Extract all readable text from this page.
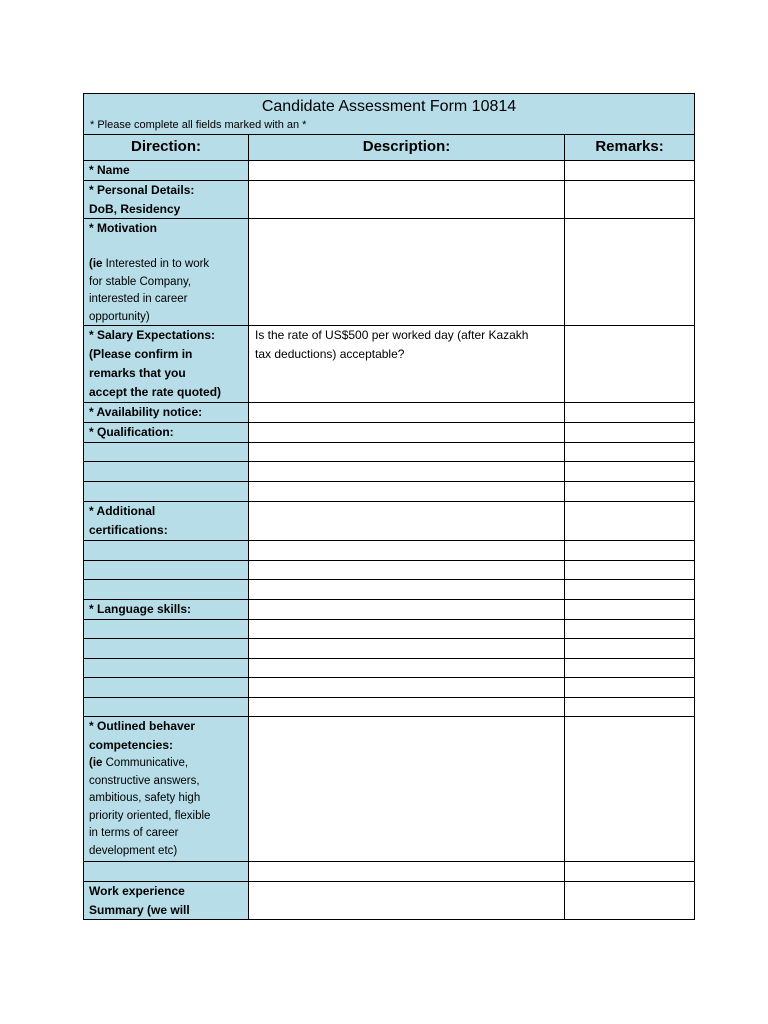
Candidate Assessment Form 10814
* Please complete all fields marked with an *
Direction:	Description:	Remarks:
* Name
* Personal Details:
DoB, Residency
* Motivation
(ie Interested in to work
for stable Company,
interested in career
opportunity)
* Salary Expectations:
(Please confirm in
remarks that you
accept the rate quoted)
Is the rate of US$500 per worked day (after Kazakh
tax deductions) acceptable?
* Availability notice:
* Qualification:
* Additional
certifications:
* Language skills:
* Outlined behaver
competencies:
(ie Communicative,
constructive answers,
ambitious, safety high
priority oriented, flexible
in terms of career
development etc)
Work experience
Summary (we will
